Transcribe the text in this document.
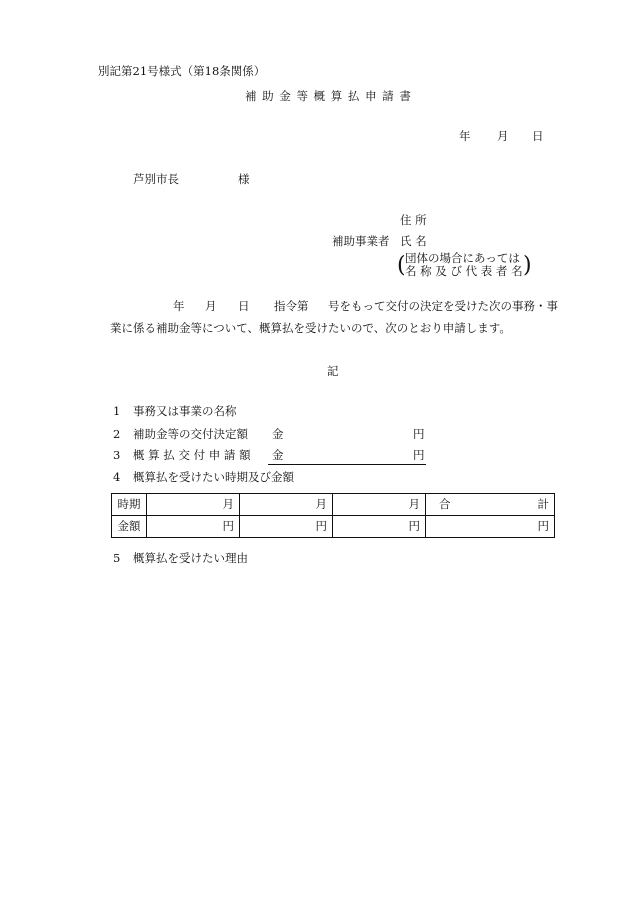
別記第21号様式（第18条関係）
補 助 金 等 概 算 払 申 請 書
年 月 日
芦別市長	様
住 所
補助事業者 氏 名
( 団体の場合にあっては
名 称 及 び 代 表 者 名 )
年 月 日 指令第 号をもって交付の決定を受けた次の事務・事
業に係る補助金等について、概算払を受けたいので、次のとおり申請します。
記
1 事務又は事業の名称
2 補助金等の交付決定額 金	円
3 概 算 払 交 付 申 請 額 金	円
4 概算払を受けたい時期及び金額
時期	月	月	月	合 計

金額	円	円	円	円
5 概算払を受けたい理由
